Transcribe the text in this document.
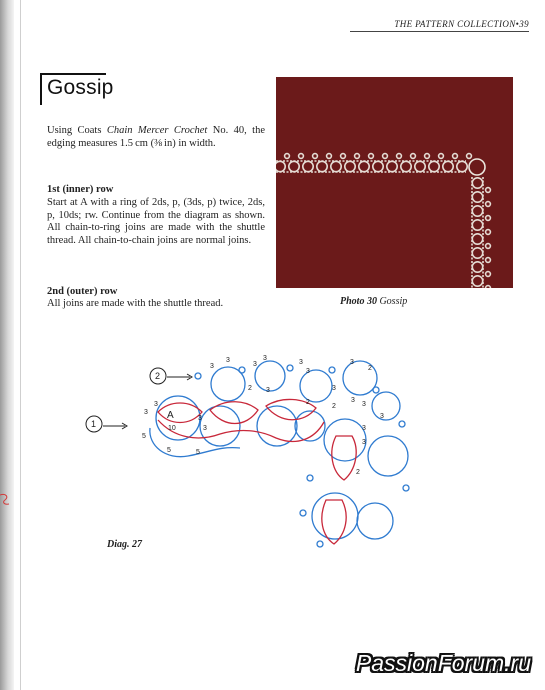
THE PATTERN COLLECTION•39
Gossip
Using Coats Chain Mercer Crochet No. 40, the edging measures 1.5 cm (⅜ in) in width.
1st (inner) row
Start at A with a ring of 2ds, p, (3ds, p) twice, 2ds, p, 10ds; rw. Continue from the diagram as shown. All chain-to-ring joins are made with the shuttle thread. All chain-to-chain joins are normal joins.
2nd (outer) row
All joins are made with the shuttle thread.	Photo 30 Gossip
1
2
A
10
3
3
5
5	5
3
3
3
3
3
3
2 3
3
3
2
3
2
3
3
2
3
3
3
3
2
Diag. 27
PassionForum.ru
